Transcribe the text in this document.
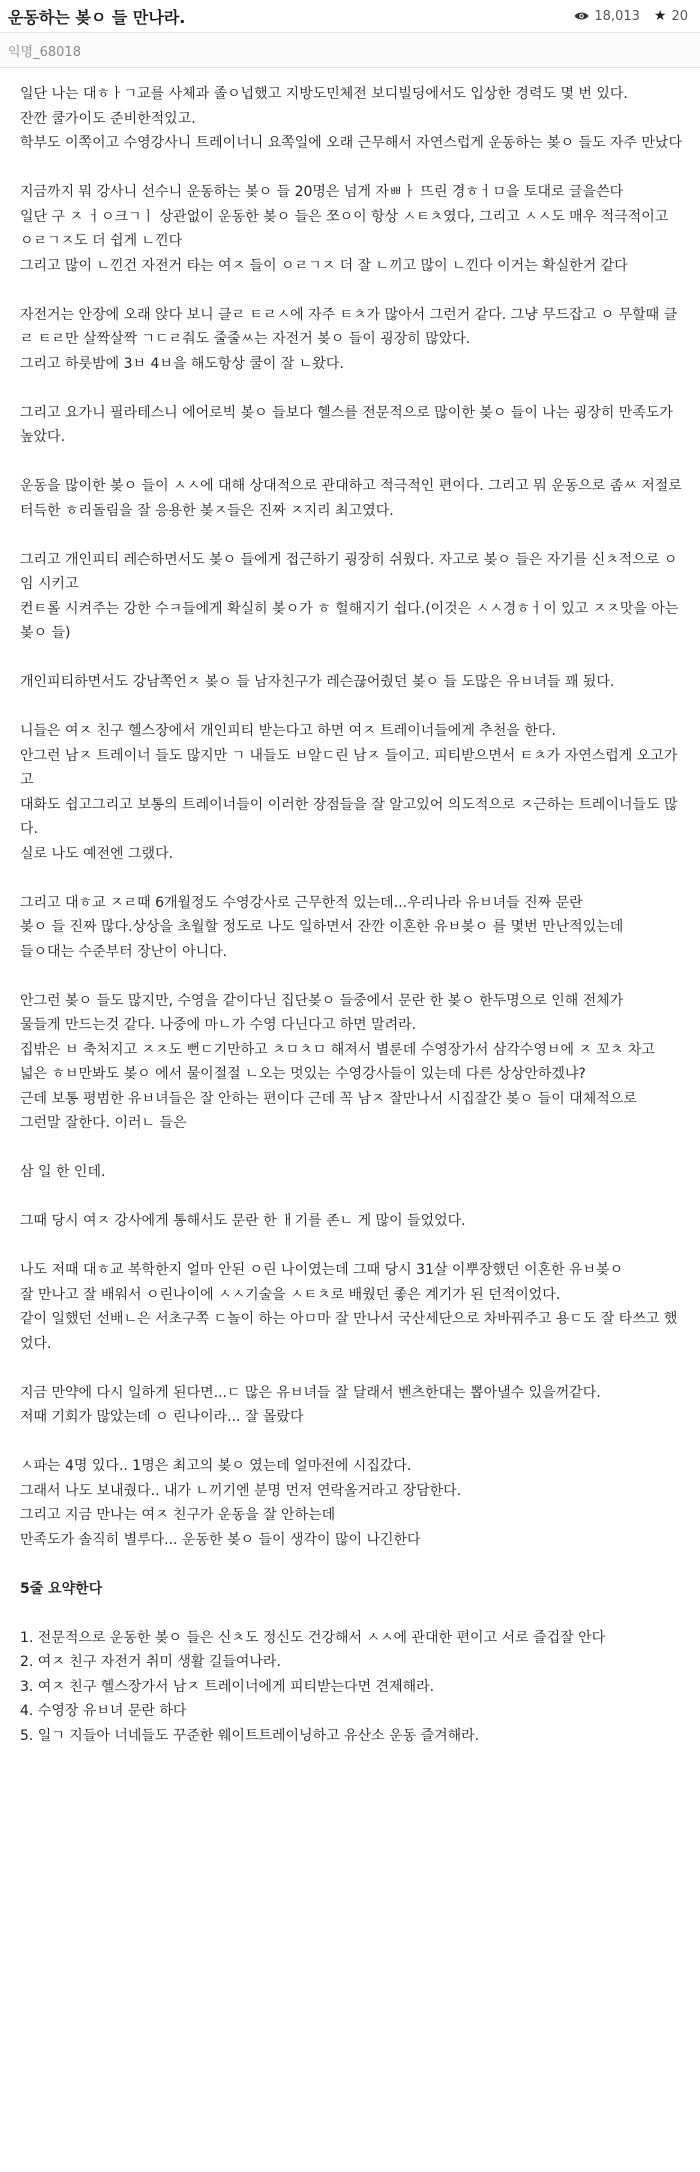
운동하는 봊ㅇ 들 만나라.	18,013 ★ 20
익명_68018

일단 나는 대ㅎㅏㄱ교를 사체과 졸ㅇ넙했고 지방도민체전 보디빌딩에서도 입상한 경력도 몇 번 있다.
잔깐 쿨가이도 준비한적있고.
학부도 이쪽이고 수영강사니 트레이너니 요쪽일에 오래 근무해서 자연스럽게 운동하는 봊ㅇ 들도 자주 만났다

지금까지 뭐 강사니 선수니 운동하는 봊ㅇ 들 20명은 넘게 자ㅃㅏ 뜨린 경ㅎㅓㅁ을 토대로 글을쓴다
일단 구 ㅈ ㅓㅇ크ㄱㅣ 상관없이 운동한 봊ㅇ 들은 쪼ㅇ이 항상 ㅅㅌㅊ였다, 그리고 ㅅㅅ도 매우 적극적이고
ㅇㄹㄱㅈ도 더 쉽게 ㄴ낀다
그리고 많이 ㄴ낀건 자전거 타는 여ㅈ 들이 ㅇㄹㄱㅈ 더 잘 ㄴ끼고 많이 ㄴ낀다 이거는 확실한거 같다

자전거는 안장에 오래 앉다 보니 클ㄹ ㅌㄹㅅ에 자주 ㅌㅊ가 많아서 그런거 같다. 그냥 무드잡고 ㅇ 무할때 클ㄹ ㅌㄹ만 살짝살짝 ㄱㄷㄹ줘도 줄줄ㅆ는 자전거 봊ㅇ 들이 굉장히 많았다.
그리고 하룻밤에 3ㅂ 4ㅂ을 해도항상 쿨이 잘 ㄴ왔다.

그리고 요가니 필라테스니 에어로빅 봊ㅇ 들보다 헬스를 전문적으로 많이한 봊ㅇ 들이 나는 굉장히 만족도가 높았다.

운동을 많이한 봊ㅇ 들이 ㅅㅅ에 대해 상대적으로 관대하고 적극적인 편이다. 그리고 뭐 운동으로 좀ㅆ 저절로
터득한 ㅎ리돌림을 잘 응용한 봊ㅈ들은 진짜 ㅈ지리 최고였다.

그리고 개인피티 레슨하면서도 봊ㅇ 들에게 접근하기 굉장히 쉬웠다. 자고로 봊ㅇ 들은 자기를 신ㅊ적으로 ㅇ임 시키고
컨ㅌ롤 시켜주는 강한 수ㅋ들에게 확실히 봊ㅇ가 ㅎ 헐해지기 쉽다.(이것은 ㅅㅅ경ㅎㅓ이 있고 ㅈㅈ맛을 아는 봊ㅇ 들)

개인피티하면서도 강남쪽언ㅈ 봊ㅇ 들 남자친구가 레슨끊어줬던 봊ㅇ 들 도많은 유ㅂ녀들 꽤 됬다.

니들은 여ㅈ 친구 헬스장에서 개인피티 받는다고 하면 여ㅈ 트레이너들에게 추천을 한다.
안그런 남ㅈ 트레이너 들도 많지만 ㄱ 내들도 ㅂ알ㄷ린 남ㅈ 들이고. 피티받으면서 ㅌㅊ가 자연스럽게 오고가고
대화도 쉽고그리고 보통의 트레이너들이 이러한 장점들을 잘 알고있어 의도적으로 ㅈ근하는 트레이너들도 많다.
실로 나도 예전엔 그랬다.

그리고 대ㅎ교 ㅈㄹ때 6개월정도 수영강사로 근무한적 있는데...우리나라 유ㅂ녀들 진짜 문란
봊ㅇ 들 진짜 많다.상상을 초월할 정도로 나도 일하면서 잔깐 이혼한 유ㅂ봊ㅇ 를 몇번 만난적있는데
들ㅇ대는 수준부터 장난이 아니다.

안그런 봊ㅇ 들도 많지만, 수영을 같이다닌 집단봊ㅇ 들중에서 문란 한 봊ㅇ 한두명으로 인해 전체가
물들게 만드는것 같다. 나중에 마ㄴ가 수영 다닌다고 하면 말려라.
집밖은 ㅂ 축처지고 ㅈㅈ도 뻔ㄷ기만하고 ㅊㅁㅊㅁ 해져서 별룬데 수영장가서 삼각수영ㅂ에 ㅈ 꼬ㅊ 차고
넓은 ㅎㅂ만봐도 봊ㅇ 에서 물이절절 ㄴ오는 멋있는 수영강사들이 있는데 다른 상상안하겠냐?
근데 보통 평범한 유ㅂ녀들은 잘 안하는 편이다 근데 꼭 남ㅈ 잘만나서 시집잘간 봊ㅇ 들이 대체적으로
그런말 잘한다. 이러ㄴ 들은

삼 일 한 인데.

그때 당시 여ㅈ 강사에게 통해서도 문란 한 ㅐ기를 존ㄴ 게 많이 들었었다.

나도 저때 대ㅎ교 복학한지 얼마 안된 ㅇ린 나이였는데 그때 당시 31살 이뿌장했던 이혼한 유ㅂ봊ㅇ
잘 만나고 잘 배워서 ㅇ린나이에 ㅅㅅ기술을 ㅅㅌㅊ로 배웠던 좋은 계기가 된 던적이었다.
같이 일했던 선배ㄴ은 서초구쪽 ㄷ놀이 하는 아ㅁ마 잘 만나서 국산세단으로 차바꿔주고 용ㄷ도 잘 타쓰고 했었다.

지금 만약에 다시 일하게 된다면...ㄷ 많은 유ㅂ녀들 잘 달래서 벤츠한대는 뽑아낼수 있을꺼같다.
저때 기회가 많았는데 ㅇ 린나이라... 잘 몰랐다

ㅅ파는 4명 있다.. 1명은 최고의 봊ㅇ 였는데 얼마전에 시집갔다.
그래서 나도 보내줬다.. 내가 ㄴ끼기엔 분명 먼저 연락올거라고 장담한다.
그리고 지금 만나는 여ㅈ 친구가 운동을 잘 안하는데
만족도가 솔직히 별루다... 운동한 봊ㅇ 들이 생각이 많이 나긴한다

5줄 요약한다

1. 전문적으로 운동한 봊ㅇ 들은 신ㅊ도 정신도 건강해서 ㅅㅅ에 관대한 편이고 서로 즐겁잘 안다
2. 여ㅈ 친구 자전거 취미 생활 길들여나라.
3. 여ㅈ 친구 헬스장가서 남ㅈ 트레이너에게 피티받는다면 견제해라.
4. 수영장 유ㅂ녀 문란 하다
5. 일ㄱ 지들아 너네들도 꾸준한 웨이트트레이닝하고 유산소 운동 즐겨해라.
